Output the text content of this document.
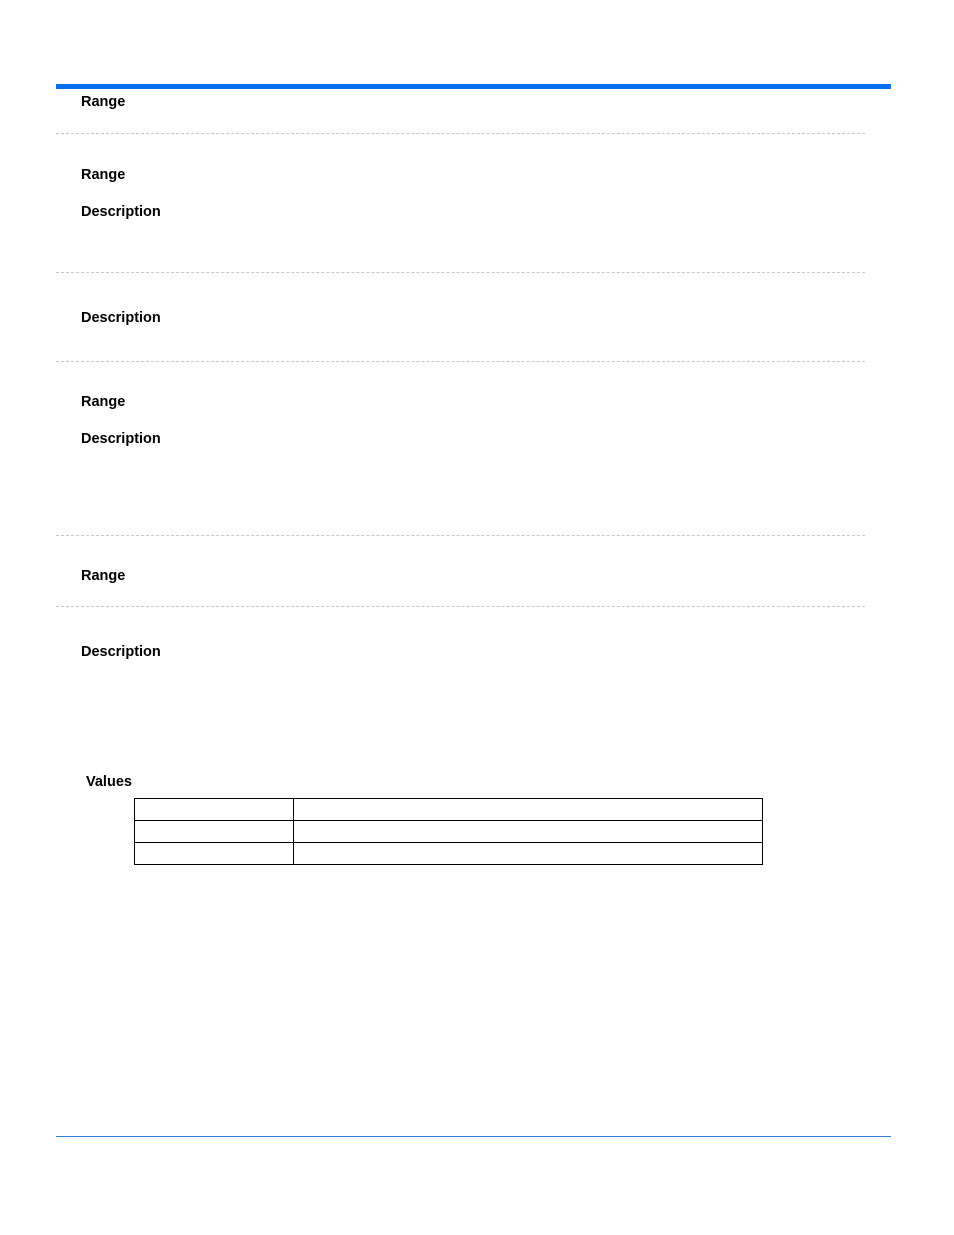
Range
Range
Description
Description
Range
Description
Range
Description
Values
